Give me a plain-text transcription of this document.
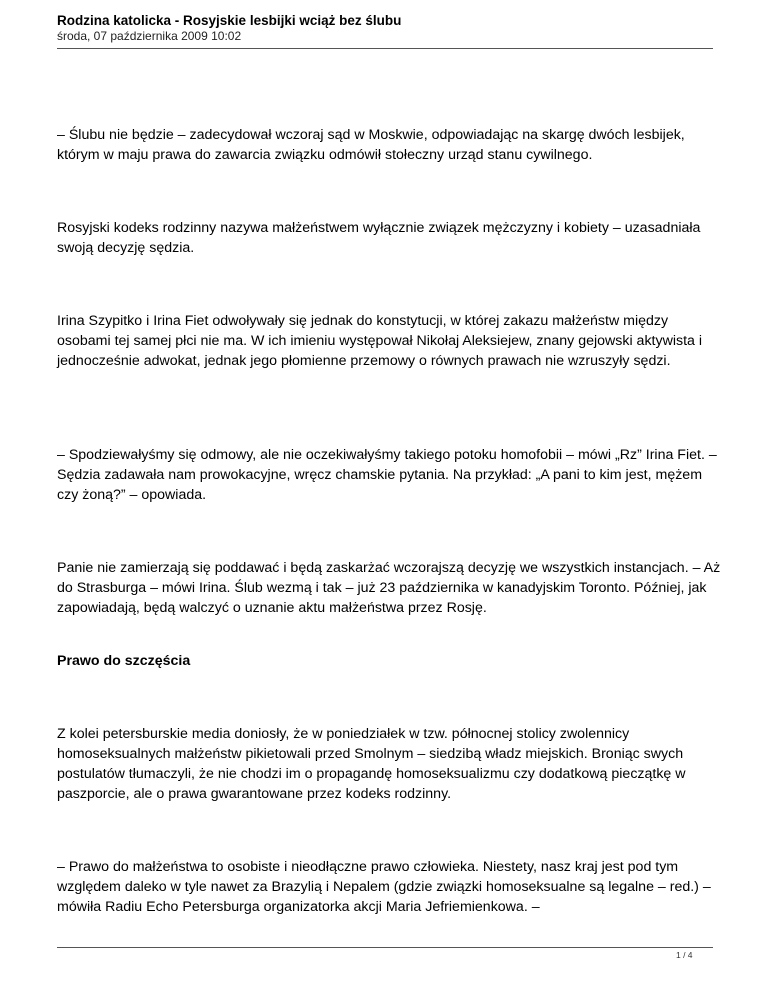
Rodzina katolicka - Rosyjskie lesbijki wciąż bez ślubu
środa, 07 października 2009 10:02

– Ślubu nie będzie – zadecydował wczoraj sąd w Moskwie, odpowiadając na skargę dwóch lesbijek, którym w maju prawa do zawarcia związku odmówił stołeczny urząd stanu cywilnego.

Rosyjski kodeks rodzinny nazywa małżeństwem wyłącznie związek mężczyzny i kobiety – uzasadniała swoją decyzję sędzia.

Irina Szypitko i Irina Fiet odwoływały się jednak do konstytucji, w której zakazu małżeństw między osobami tej samej płci nie ma. W ich imieniu występował Nikołaj Aleksiejew, znany gejowski aktywista i jednocześnie adwokat, jednak jego płomienne przemowy o równych prawach nie wzruszyły sędzi.

– Spodziewałyśmy się odmowy, ale nie oczekiwałyśmy takiego potoku homofobii – mówi „Rz” Irina Fiet. – Sędzia zadawała nam prowokacyjne, wręcz chamskie pytania. Na przykład: „A pani to kim jest, mężem czy żoną?” – opowiada.

Panie nie zamierzają się poddawać i będą zaskarżać wczorajszą decyzję we wszystkich instancjach. – Aż do Strasburga – mówi Irina. Ślub wezmą i tak – już 23 października w kanadyjskim Toronto. Później, jak zapowiadają, będą walczyć o uznanie aktu małżeństwa przez Rosję.

Prawo do szczęścia

Z kolei petersburskie media doniosły, że w poniedziałek w tzw. północnej stolicy zwolennicy homoseksualnych małżeństw pikietowali przed Smolnym – siedzibą władz miejskich. Broniąc swych postulatów tłumaczyli, że nie chodzi im o propagandę homoseksualizmu czy dodatkową pieczątkę w paszporcie, ale o prawa gwarantowane przez kodeks rodzinny.

– Prawo do małżeństwa to osobiste i nieodłączne prawo człowieka. Niestety, nasz kraj jest pod tym względem daleko w tyle nawet za Brazylią i Nepalem (gdzie związki homoseksualne są legalne – red.) – mówiła Radiu Echo Petersburga organizatorka akcji Maria Jefriemienkowa. –

1 / 4
